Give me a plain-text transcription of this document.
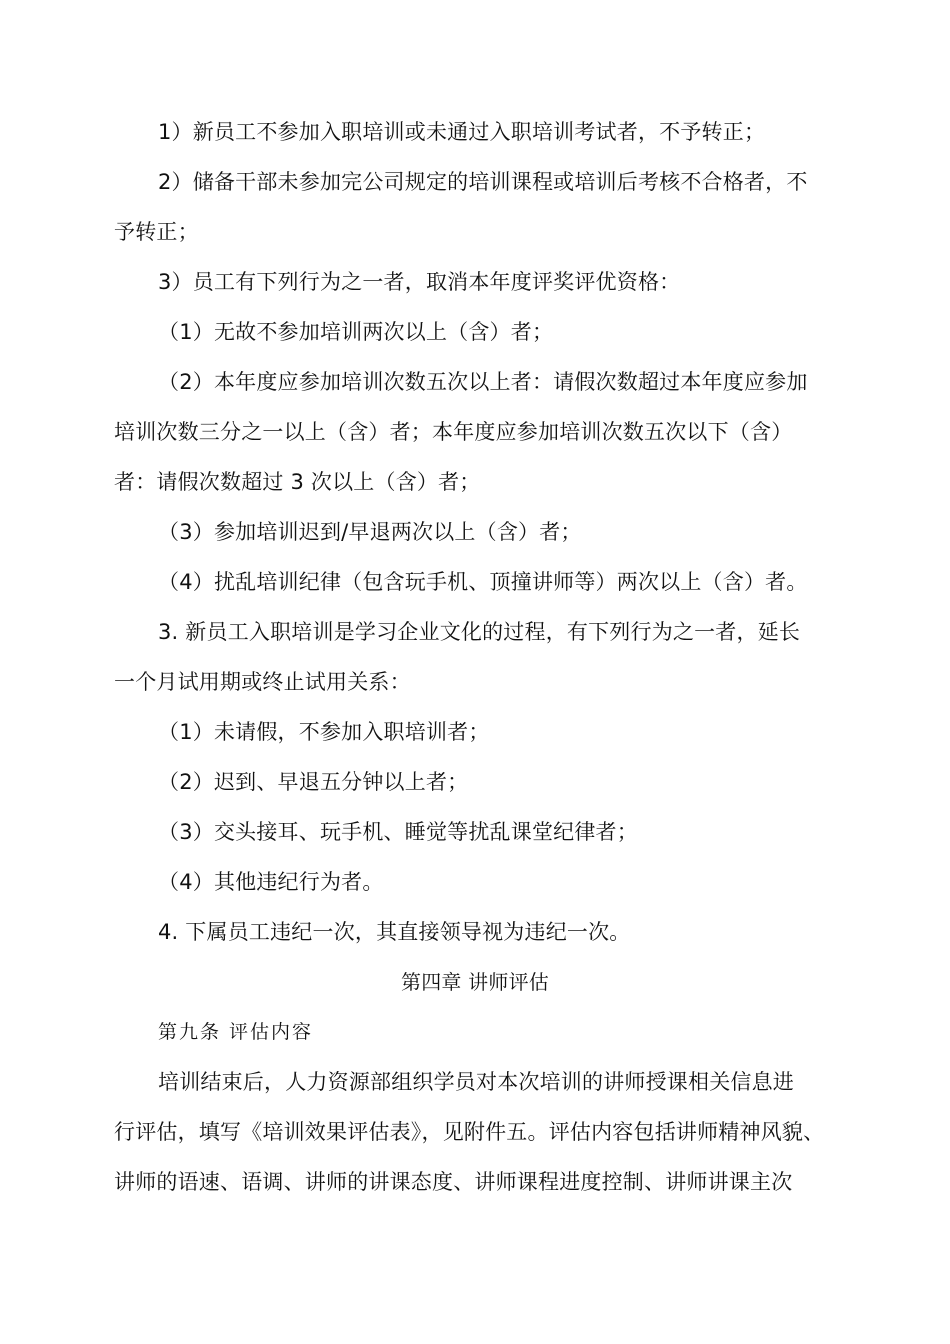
1）新员工不参加入职培训或未通过入职培训考试者，不予转正；
2）储备干部未参加完公司规定的培训课程或培训后考核不合格者，不
予转正；
3）员工有下列行为之一者，取消本年度评奖评优资格：
（1）无故不参加培训两次以上（含）者；
（2）本年度应参加培训次数五次以上者：请假次数超过本年度应参加
培训次数三分之一以上（含）者；本年度应参加培训次数五次以下（含）
者：请假次数超过 3 次以上（含）者；
（3）参加培训迟到/早退两次以上（含）者；
（4）扰乱培训纪律（包含玩手机、顶撞讲师等）两次以上（含）者。
3. 新员工入职培训是学习企业文化的过程，有下列行为之一者，延长
一个月试用期或终止试用关系：
（1）未请假，不参加入职培训者；
（2）迟到、早退五分钟以上者；
（3）交头接耳、玩手机、睡觉等扰乱课堂纪律者；
（4）其他违纪行为者。
4. 下属员工违纪一次，其直接领导视为违纪一次。
第四章 讲师评估
第九条 评估内容
培训结束后，人力资源部组织学员对本次培训的讲师授课相关信息进
行评估，填写《培训效果评估表》，见附件五。评估内容包括讲师精神风貌、
讲师的语速、语调、讲师的讲课态度、讲师课程进度控制、讲师讲课主次
